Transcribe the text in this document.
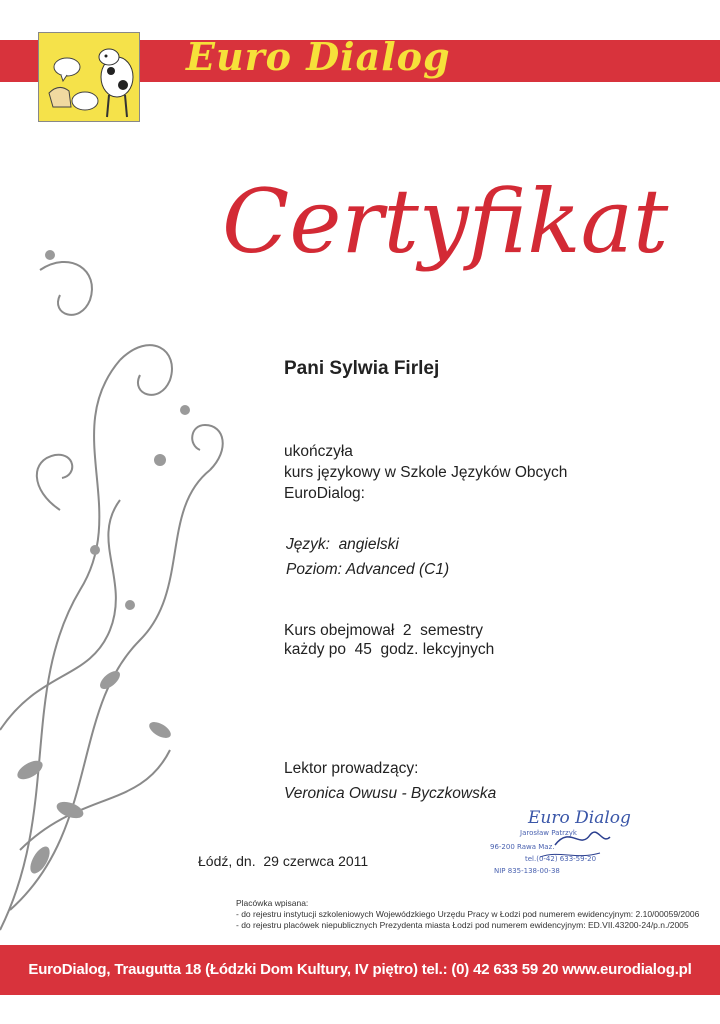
Euro Dialog
Szkoła Języków Obcych
Certyfikat
Pani Sylwia Firlej
ukończyła
kurs językowy w Szkole Języków Obcych
EuroDialog:
Język: angielski
Poziom: Advanced (C1)
Kurs obejmował 2 semestry
każdy po 45 godz. lekcyjnych
Lektor prowadzący:
Veronica Owusu - Byczkowska
Łódź, dn. 29 czerwca 2011
Jarosław Patrzyk
96-200 Rawa Maz.
tel.(0-42) 633-59-20
NIP 835-138-00-38
Euro Dialog
Placówka wpisana:
- do rejestru instytucji szkoleniowych Wojewódzkiego Urzędu Pracy w Łodzi pod numerem ewidencyjnym: 2.10/00059/2006
- do rejestru placówek niepublicznych Prezydenta miasta Łodzi pod numerem ewidencyjnym: ED.VII.43200-24/p.n./2005
EuroDialog, Traugutta 18 (Łódzki Dom Kultury, IV piętro) tel.: (0) 42 633 59 20 www.eurodialog.pl
